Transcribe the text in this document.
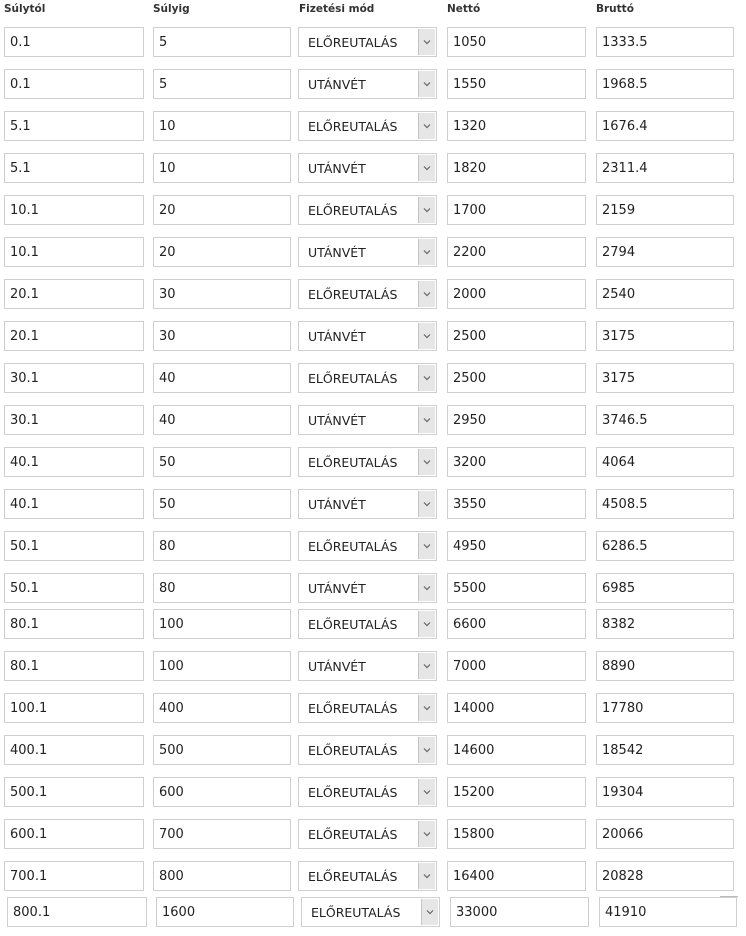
Súlytól	Súlyig	Fizetési mód	Nettó	Bruttó
0.1	5	ELŐREUTALÁS	1050	1333.5
0.1	5	UTÁNVÉT	1550	1968.5
5.1	10	ELŐREUTALÁS	1320	1676.4
5.1	10	UTÁNVÉT	1820	2311.4
10.1	20	ELŐREUTALÁS	1700	2159
10.1	20	UTÁNVÉT	2200	2794
20.1	30	ELŐREUTALÁS	2000	2540
20.1	30	UTÁNVÉT	2500	3175
30.1	40	ELŐREUTALÁS	2500	3175
30.1	40	UTÁNVÉT	2950	3746.5
40.1	50	ELŐREUTALÁS	3200	4064
40.1	50	UTÁNVÉT	3550	4508.5
50.1	80	ELŐREUTALÁS	4950	6286.5
50.1	80	UTÁNVÉT	5500	6985
80.1	100	ELŐREUTALÁS	6600	8382
80.1	100	UTÁNVÉT	7000	8890
100.1	400	ELŐREUTALÁS	14000	17780
400.1	500	ELŐREUTALÁS	14600	18542
500.1	600	ELŐREUTALÁS	15200	19304
600.1	700	ELŐREUTALÁS	15800	20066
700.1	800	ELŐREUTALÁS	16400	20828
800.1	1600	ELŐREUTALÁS	33000	41910
